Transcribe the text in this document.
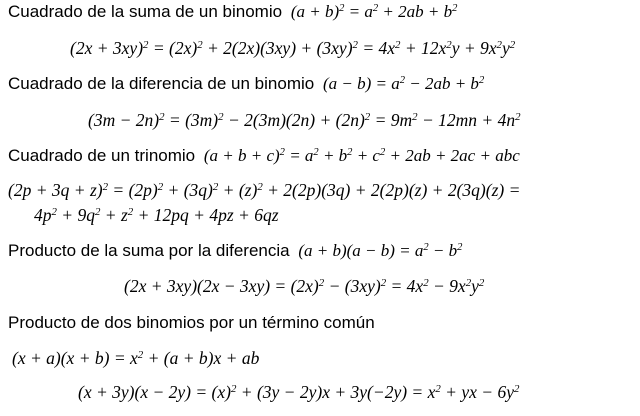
Cuadrado de la suma de un binomio $(a + b)^2 = a^2 + 2ab + b^2$
$(2x + 3xy)^2 = (2x)^2 + 2(2x)(3xy) + (3xy)^2 = 4x^2 + 12x^2y + 9x^2y^2$
Cuadrado de la diferencia de un binomio $(a - b) = a^2 - 2ab + b^2$
$(3m - 2n)^2 = (3m)^2 - 2(3m)(2n) + (2n)^2 = 9m^2 - 12mn + 4n^2$
Cuadrado de un trinomio $(a + b + c)^2 = a^2 + b^2 + c^2 + 2ab + 2ac$ + abc
$(2p + 3q + z)^2 = (2p)^2 + (3q)^2 + (z)^2 + 2(2p)(3q) + 2(2p)(z) + 2(3q)(z)$ =
$4p^2 + 9q^2 + z^2 + 12pq + 4pz + 6qz$
Producto de la suma por la diferencia $(a + b)(a - b) = a^2 - b^2$
$(2x + 3xy)(2x - 3xy) = (2x)^2 - (3xy)^2 = 4x^2 - 9x^2y^2$
Producto de dos binomios por un término común
$(x + a)(x + b) = x^2 + (a + b)x$ + ab
$(x + 3y)(x - 2y) = (x)^2 + (3y - 2y)x + 3y(-2y) = x^2$ + yx − $6y^2$
